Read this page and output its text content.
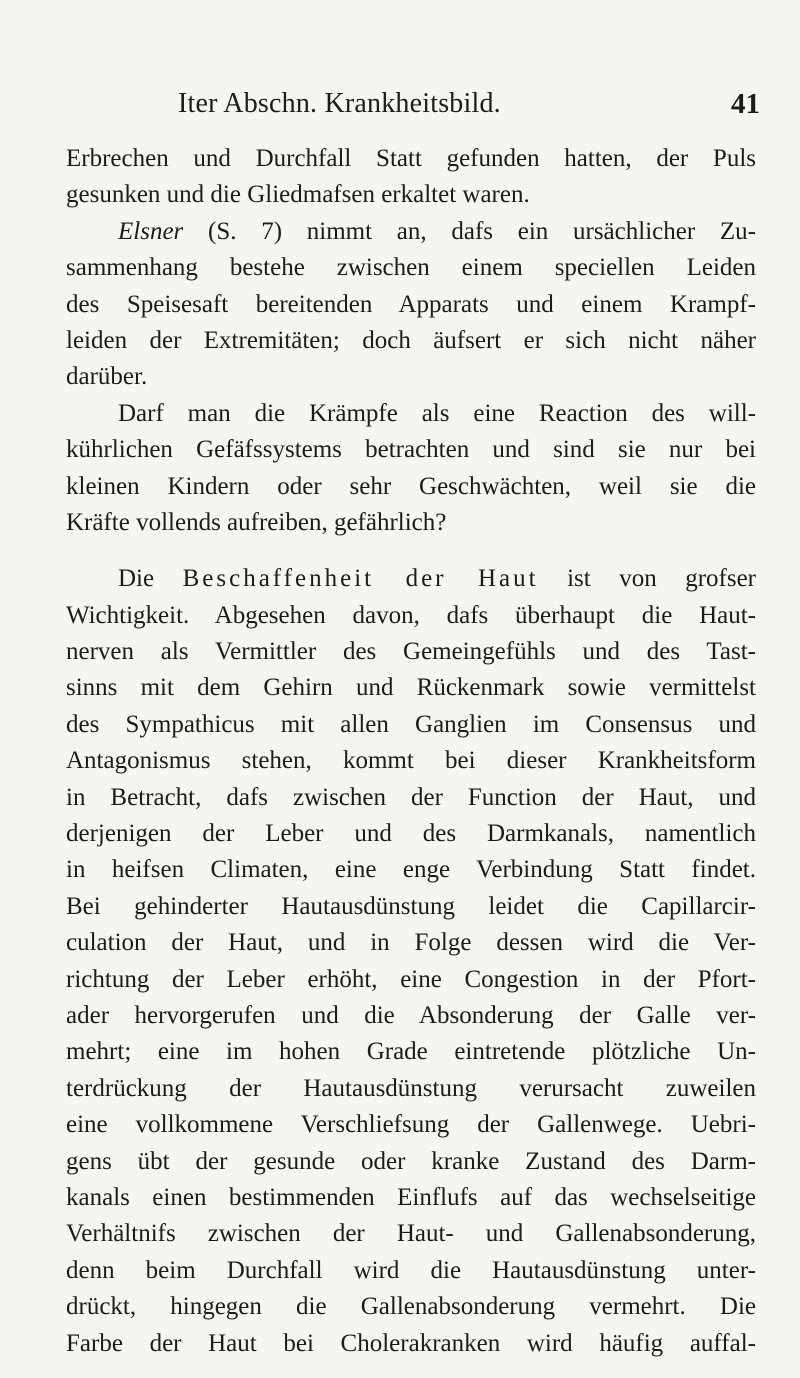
Iter Abschn. Krankheitsbild.	41
Erbrechen und Durchfall Statt gefunden hatten, der Puls
gesunken und die Gliedmafsen erkaltet waren.
Elsner (S. 7) nimmt an, dafs ein ursächlicher Zu-
sammenhang bestehe zwischen einem speciellen Leiden
des Speisesaft bereitenden Apparats und einem Krampf-
leiden der Extremitäten; doch äufsert er sich nicht näher
darüber.
Darf man die Krämpfe als eine Reaction des will-
kührlichen Gefäfssystems betrachten und sind sie nur bei
kleinen Kindern oder sehr Geschwächten, weil sie die
Kräfte vollends aufreiben, gefährlich?
Die Beschaffenheit der Haut ist von grofser
Wichtigkeit. Abgesehen davon, dafs überhaupt die Haut-
nerven als Vermittler des Gemeingefühls und des Tast-
sinns mit dem Gehirn und Rückenmark sowie vermittelst
des Sympathicus mit allen Ganglien im Consensus und
Antagonismus stehen, kommt bei dieser Krankheitsform
in Betracht, dafs zwischen der Function der Haut, und
derjenigen der Leber und des Darmkanals, namentlich
in heifsen Climaten, eine enge Verbindung Statt findet.
Bei gehinderter Hautausdünstung leidet die Capillarcir-
culation der Haut, und in Folge dessen wird die Ver-
richtung der Leber erhöht, eine Congestion in der Pfort-
ader hervorgerufen und die Absonderung der Galle ver-
mehrt; eine im hohen Grade eintretende plötzliche Un-
terdrückung der Hautausdünstung verursacht zuweilen
eine vollkommene Verschliefsung der Gallenwege. Uebri-
gens übt der gesunde oder kranke Zustand des Darm-
kanals einen bestimmenden Einflufs auf das wechselseitige
Verhältnifs zwischen der Haut- und Gallenabsonderung,
denn beim Durchfall wird die Hautausdünstung unter-
drückt, hingegen die Gallenabsonderung vermehrt. Die
Farbe der Haut bei Cholerakranken wird häufig auffal-
